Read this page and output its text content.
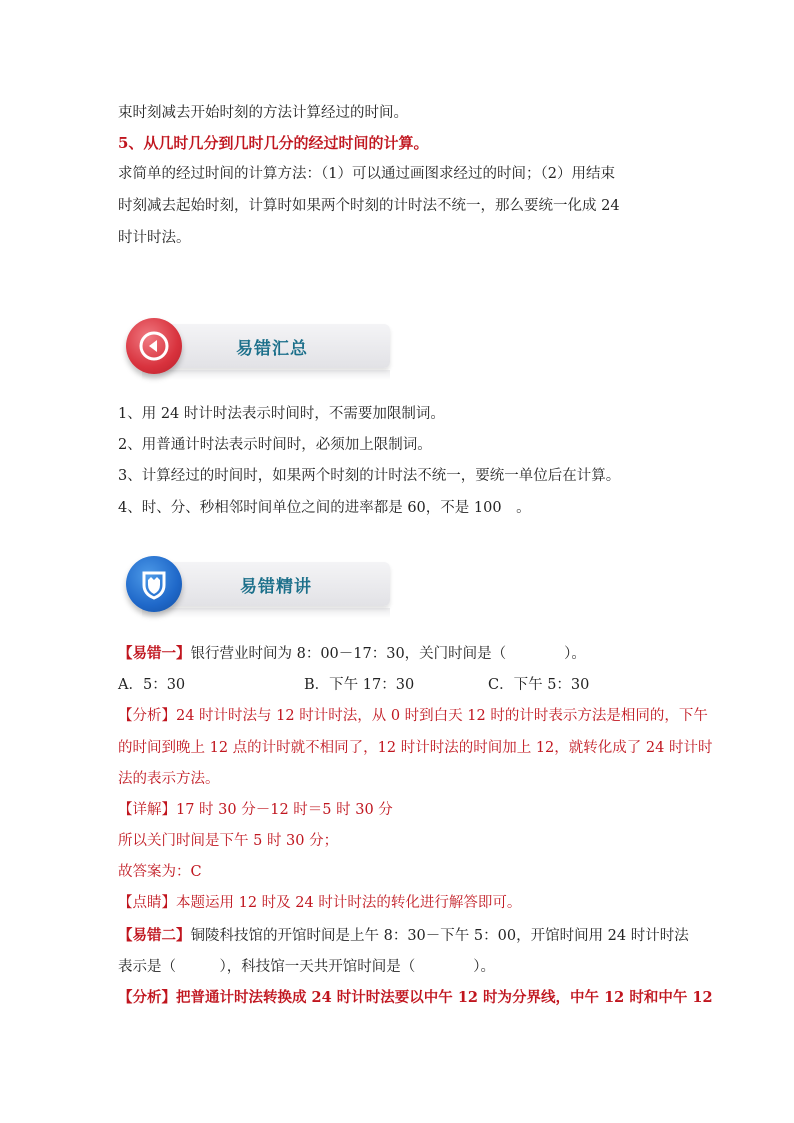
束时刻减去开始时刻的方法计算经过的时间。
5、从几时几分到几时几分的经过时间的计算。
求简单的经过时间的计算方法：（1）可以通过画图求经过的时间；（2）用结束
时刻减去起始时刻，计算时如果两个时刻的计时法不统一，那么要统一化成 24
时计时法。
易错汇总
1、用 24 时计时法表示时间时，不需要加限制词。
2、用普通计时法表示时间时，必须加上限制词。
3、计算经过的时间时，如果两个时刻的计时法不统一，要统一单位后在计算。
4、时、分、秒相邻时间单位之间的进率都是 60，不是 100　。
易错精讲
【易错一】银行营业时间为 8：00－17：30，关门时间是（　　　　）。
A．5：30	B．下午 17：30	C．下午 5：30
【分析】24 时计时法与 12 时计时法，从 0 时到白天 12 时的计时表示方法是相同的，下午
的时间到晚上 12 点的计时就不相同了，12 时计时法的时间加上 12，就转化成了 24 时计时
法的表示方法。
【详解】17 时 30 分－12 时＝5 时 30 分
所以关门时间是下午 5 时 30 分；
故答案为：C
【点睛】本题运用 12 时及 24 时计时法的转化进行解答即可。
【易错二】铜陵科技馆的开馆时间是上午 8：30－下午 5：00，开馆时间用 24 时计时法
表示是（　　　），科技馆一天共开馆时间是（　　　　）。
【分析】把普通计时法转换成 24 时计时法要以中午 12 时为分界线，中午 12 时和中午 12
